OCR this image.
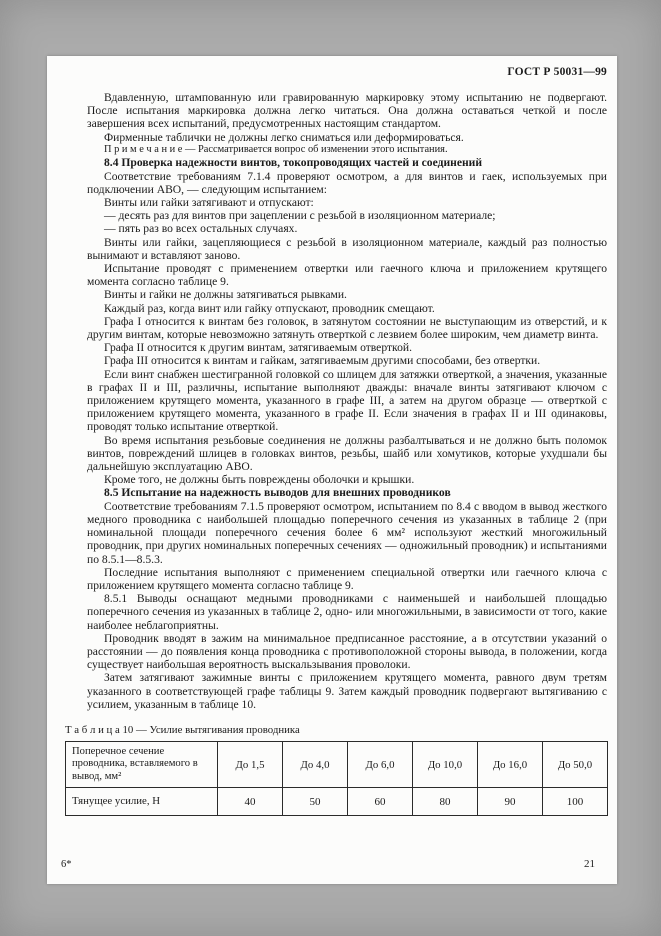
ГОСТ Р 50031—99

Вдавленную, штампованную или гравированную маркировку этому испытанию не подвергают. После испытания маркировка должна легко читаться. Она должна оставаться четкой и после завершения всех испытаний, предусмотренных настоящим стандартом.

Фирменные таблички не должны легко сниматься или деформироваться.

П р и м е ч а н и е — Рассматривается вопрос об изменении этого испытания.

8.4 Проверка надежности винтов, токопроводящих частей и соединений

Соответствие требованиям 7.1.4 проверяют осмотром, а для винтов и гаек, используемых при подключении АВО, — следующим испытанием:

Винты или гайки затягивают и отпускают:

— десять раз для винтов при зацеплении с резьбой в изоляционном материале;

— пять раз во всех остальных случаях.

Винты или гайки, зацепляющиеся с резьбой в изоляционном материале, каждый раз полностью вынимают и вставляют заново.

Испытание проводят с применением отвертки или гаечного ключа и приложением крутящего момента согласно таблице 9.

Винты и гайки не должны затягиваться рывками.

Каждый раз, когда винт или гайку отпускают, проводник смещают.

Графа I относится к винтам без головок, в затянутом состоянии не выступающим из отверстий, и к другим винтам, которые невозможно затянуть отверткой с лезвием более широким, чем диаметр винта.

Графа II относится к другим винтам, затягиваемым отверткой.

Графа III относится к винтам и гайкам, затягиваемым другими способами, без отвертки.

Если винт снабжен шестигранной головкой со шлицем для затяжки отверткой, а значения, указанные в графах II и III, различны, испытание выполняют дважды: вначале винты затягивают ключом с приложением крутящего момента, указанного в графе III, а затем на другом образце — отверткой с приложением крутящего момента, указанного в графе II. Если значения в графах II и III одинаковы, проводят только испытание отверткой.

Во время испытания резьбовые соединения не должны разбалтываться и не должно быть поломок винтов, повреждений шлицев в головках винтов, резьбы, шайб или хомутиков, которые ухудшали бы дальнейшую эксплуатацию АВО.

Кроме того, не должны быть повреждены оболочки и крышки.

8.5 Испытание на надежность выводов для внешних проводников

Соответствие требованиям 7.1.5 проверяют осмотром, испытанием по 8.4 с вводом в вывод жесткого медного проводника с наибольшей площадью поперечного сечения из указанных в таблице 2 (при номинальной площади поперечного сечения более 6 мм² используют жесткий многожильный проводник, при других номинальных поперечных сечениях — одножильный проводник) и испытаниями по 8.5.1—8.5.3.

Последние испытания выполняют с применением специальной отвертки или гаечного ключа с приложением крутящего момента согласно таблице 9.

8.5.1 Выводы оснащают медными проводниками с наименьшей и наибольшей площадью поперечного сечения из указанных в таблице 2, одно- или многожильными, в зависимости от того, какие наиболее неблагоприятны.

Проводник вводят в зажим на минимальное предписанное расстояние, а в отсутствии указаний о расстоянии — до появления конца проводника с противоположной стороны вывода, в положении, когда существует наибольшая вероятность выскальзывания проволоки.

Затем затягивают зажимные винты с приложением крутящего момента, равного двум третям указанного в соответствующей графе таблицы 9. Затем каждый проводник подвергают вытягиванию с усилием, указанным в таблице 10.

Т а б л и ц а 10 — Усилие вытягивания проводника
Поперечное сечение проводника, вставляемого в вывод, мм²	До 1,5	До 4,0	До 6,0	До 10,0	До 16,0	До 50,0
Тянущее усилие, Н	40	50	60	80	90	100
6*	21
